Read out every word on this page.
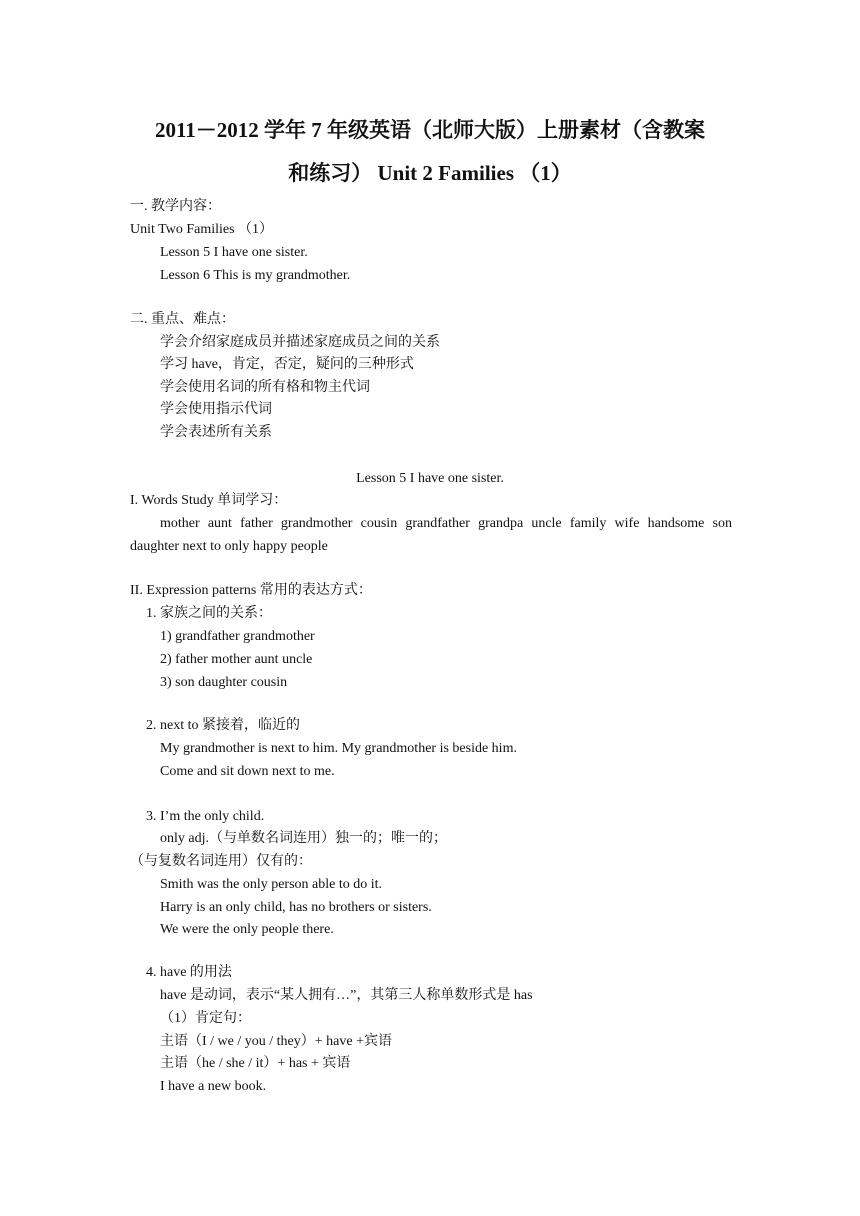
2011－2012 学年 7 年级英语（北师大版）上册素材（含教案
和练习） Unit 2 Families （1）
一. 教学内容：
Unit Two Families （1）
Lesson 5 I have one sister.
Lesson 6 This is my grandmother.
二. 重点、难点：
学会介绍家庭成员并描述家庭成员之间的关系
学习 have，肯定，否定，疑问的三种形式
学会使用名词的所有格和物主代词
学会使用指示代词
学会表述所有关系
Lesson 5 I have one sister.
I. Words Study 单词学习：
mother aunt father grandmother cousin grandfather grandpa uncle family wife handsome son
daughter next to only happy people
II. Expression patterns 常用的表达方式：
1. 家族之间的关系：
1) grandfather grandmother
2) father mother aunt uncle
3) son daughter cousin
2. next to 紧接着，临近的
My grandmother is next to him. My grandmother is beside him.
Come and sit down next to me.
3. I’m the only child.
only adj.（与单数名词连用）独一的；唯一的；
（与复数名词连用）仅有的：
Smith was the only person able to do it.
Harry is an only child, has no brothers or sisters.
We were the only people there.
4. have 的用法
have 是动词，表示“某人拥有…”，其第三人称单数形式是 has
（1）肯定句：
主语（I / we / you / they）+ have +宾语
主语（he / she / it）+ has + 宾语
I have a new book.
